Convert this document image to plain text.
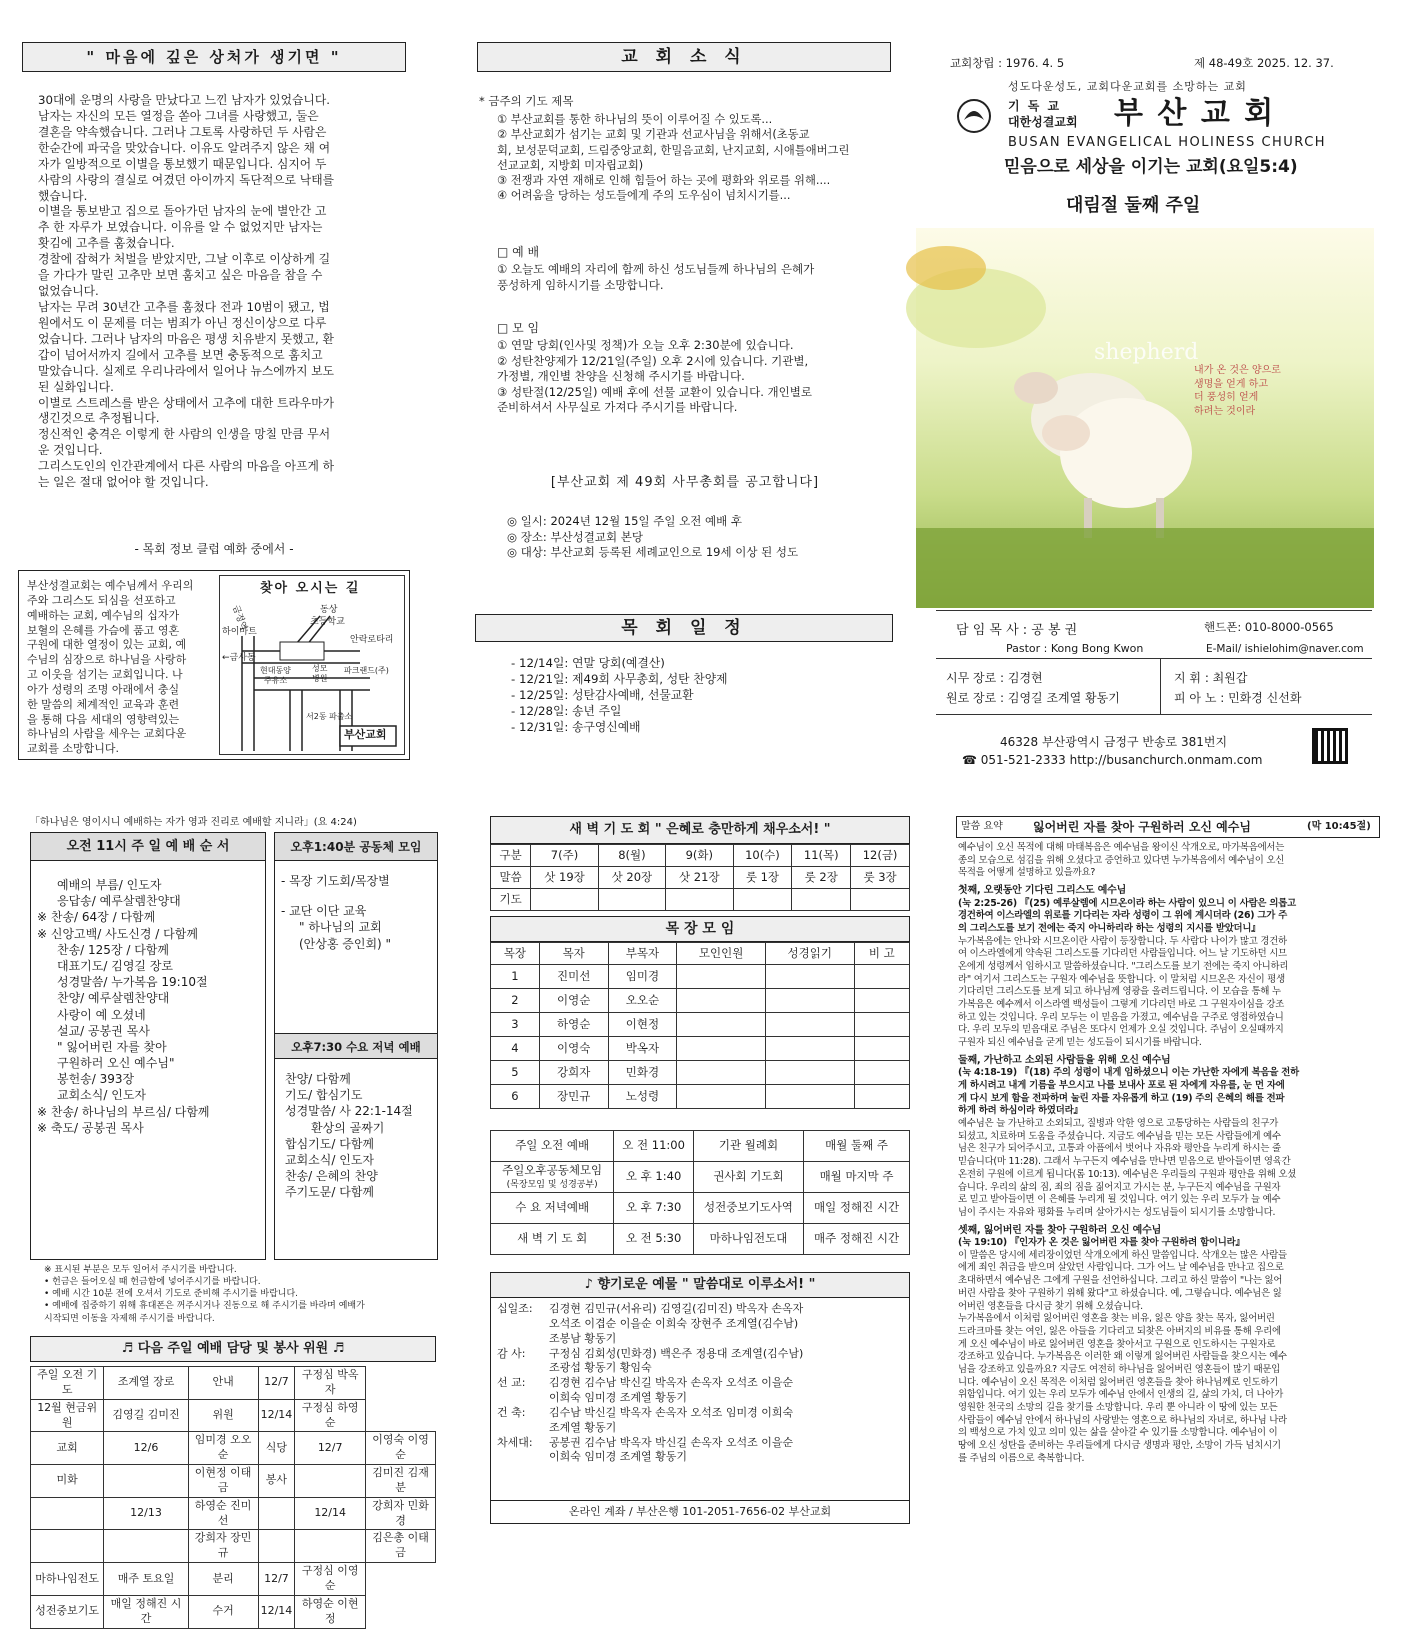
" 마음에 깊은 상처가 생기면 "
30대에 운명의 사랑을 만났다고 느낀 남자가 있었습니다.
남자는 자신의 모든 열정을 쏟아 그녀를 사랑했고, 둘은
결혼을 약속했습니다. 그러나 그토록 사랑하던 두 사람은
한순간에 파국을 맞았습니다. 이유도 알려주지 않은 채 여
자가 일방적으로 이별을 통보했기 때문입니다. 심지어 두
사람의 사랑의 결실로 여겼던 아이까지 독단적으로 낙태를
했습니다.
이별을 통보받고 집으로 돌아가던 남자의 눈에 별안간 고
추 한 자루가 보였습니다. 이유를 알 수 없었지만 남자는
홧김에 고추를 훔쳤습니다.
경찰에 잡혀가 처벌을 받았지만, 그날 이후로 이상하게 길
을 가다가 말린 고추만 보면 훔치고 싶은 마음을 참을 수
없었습니다.
남자는 무려 30년간 고추를 훔쳤다 전과 10범이 됐고, 법
원에서도 이 문제를 더는 범죄가 아닌 정신이상으로 다루
었습니다. 그러나 남자의 마음은 평생 치유받지 못했고, 환
갑이 넘어서까지 길에서 고추를 보면 충동적으로 훔치고
말았습니다. 실제로 우리나라에서 일어나 뉴스에까지 보도
된 실화입니다.
이별로 스트레스를 받은 상태에서 고추에 대한 트라우마가
생긴것으로 추정됩니다.
정신적인 충격은 이렇게 한 사람의 인생을 망칠 만큼 무서
운 것입니다.
그리스도인의 인간관계에서 다른 사람의 마음을 아프게 하
는 일은 절대 없어야 할 것입니다.
- 목회 정보 클럽 예화 중에서 -
부산성결교회는 예수님께서 우리의
주와 그리스도 되심을 선포하고
예배하는 교회, 예수님의 십자가
보혈의 은혜를 가슴에 품고 영혼
구원에 대한 열정이 있는 교회, 예
수님의 심장으로 하나님을 사랑하
고 이웃을 섬기는 교회입니다. 나
아가 성령의 조명 아래에서 충실
한 말씀의 체계적인 교육과 훈련
을 통해 다음 세대의 영향력있는
하나님의 사람을 세우는 교회다운
교회를 소망합니다.
찾아 오시는 길
금정역	동상
초등학교
하이마트
안락로타리
←금사동
현대동양
주유소
성모
병원
파크랜드(주)
부산교회
서2동 파출소
교 회 소 식
* 금주의 기도 제목
① 부산교회를 통한 하나님의 뜻이 이루어질 수 있도록...
② 부산교회가 섬기는 교회 및 기관과 선교사님을 위해서(초동교
회, 보성문덕교회, 드림중앙교회, 한밀음교회, 난지교회, 시애틀애버그린
선교교회, 지방회 미자립교회)
③ 전쟁과 자연 재해로 인해 힘들어 하는 곳에 평화와 위로를 위해....
④ 어려움을 당하는 성도들에게 주의 도우심이 넘치시기를...
□ 예 배
① 오늘도 예배의 자리에 함께 하신 성도님들께 하나님의 은혜가
풍성하게 임하시기를 소망합니다.
□ 모 임
① 연말 당회(인사및 정책)가 오늘 오후 2:30분에 있습니다.
② 성탄찬양제가 12/21일(주일) 오후 2시에 있습니다. 기관별,
가정별, 개인별 찬양을 신청해 주시기를 바랍니다.
③ 성탄절(12/25일) 예배 후에 선물 교환이 있습니다. 개인별로
준비하셔서 사무실로 가져다 주시기를 바랍니다.
[부산교회 제 49회 사무총회를 공고합니다]
◎ 일시: 2024년 12월 15일 주일 오전 예배 후
◎ 장소: 부산성결교회 본당
◎ 대상: 부산교회 등록된 세례교인으로 19세 이상 된 성도
목 회 일 정
- 12/14일: 연말 당회(예결산)
- 12/21일: 제49회 사무총회, 성탄 찬양제
- 12/25일: 성탄감사예배, 선물교환
- 12/28일: 송년 주일
- 12/31일: 송구영신예배
교회창립 : 1976. 4. 5	제 48-49호 2025. 12. 37.
성도다운성도, 교회다운교회를 소망하는 교회
기 독 교
대한성결교회 부 산 교 회
BUSAN EVANGELICAL HOLINESS CHURCH
믿음으로 세상을 이기는 교회(요일5:4)
대림절 둘째 주일
shepherd
내가 온 것은 양으로
생명을 얻게 하고
더 풍성히 얻게
하려는 것이라
담 임 목 사 : 공 봉 권
Pastor : Kong Bong Kwon
핸드폰: 010-8000-0565
E-Mail/ ishielohim@naver.com
시무 장로 : 김경현
원로 장로 : 김영길 조계열 황동기
지 휘 : 최원갑
피 아 노 : 민화경 신선화
46328 부산광역시 금정구 반송로 381번지
☎ 051-521-2333 http://busanchurch.onmam.com
「하나님은 영이시니 예배하는 자가 영과 진리로 예배할 지니라」(요 4:24)
오전 11시 주 일 예 배 순 서
예배의 부름/ 인도자
응답송/ 예루살렘찬양대
※ 찬송/ 64장 / 다함께
※ 신앙고백/ 사도신경 / 다함께
찬송/ 125장 / 다함께
대표기도/ 김영길 장로
성경말씀/ 누가복음 19:10절
찬양/ 예루살렘찬양대
사랑이 예 오셨네
설교/ 공봉권 목사
" 잃어버린 자를 찾아
구원하러 오신 예수님"
봉헌송/ 393장
교회소식/ 인도자
※ 찬송/ 하나님의 부르심/ 다함께
※ 축도/ 공봉권 목사
오후1:40분 공동체 모임
- 목장 기도회/목장별
- 교단 이단 교육
" 하나님의 교회
(안상홍 증인회) "
오후7:30 수요 저녁 예배
찬양/ 다함께
기도/ 합심기도
성경말씀/ 사 22:1-14절
환상의 골짜기
합심기도/ 다함께
교회소식/ 인도자
찬송/ 은혜의 찬양
주기도문/ 다함께
※ 표시된 부분은 모두 일어서 주시기를 바랍니다.
• 헌금은 들어오실 때 헌금함에 넣어주시기를 바랍니다.
• 예배 시간 10분 전에 오셔서 기도로 준비해 주시기를 바랍니다.
• 예배에 집중하기 위해 휴대폰은 꺼주시거나 진동으로 해 주시기를 바라며 예배가
시작되면 이동을 자제해 주시기를 바랍니다.
♬ 다음 주일 예배 담당 및 봉사 위원 ♬
주일 오전 기도	조계열 장로	안내	12/7	구정심 박옥자	
12월 현금위원	김영길 김미진	위원	12/14	구정심 하영순	
교회	12/6	임미경 오오순	식당	12/7	이영숙 이영순
미화		이현정 이태금	봉사		김미진 김재분
	12/13	하영순 진미선		12/14	강희자 민화경
		강희자 장민규			김은총 이태금
마하나임전도	매주 토요일	분리	12/7	구정심 이영순	
성전중보기도	매일 정해진 시간	수거	12/14	하영순 이현정	
새 벽 기 도 회 " 은혜로 충만하게 채우소서! "
구분	7(주)	8(월)	9(화)	10(수)	11(목)	12(금)
말씀	삿 19장	삿 20장	삿 21장	룻 1장	룻 2장	룻 3장
기도						
목 장 모 임
목장	목자	부목자	모인인원	성경읽기	비 고
1	진미선	임미경			
2	이영순	오오순			
3	하영순	이현정			
4	이영숙	박옥자			
5	강희자	민화경			
6	장민규	노성령			
주일 오전 예배	오 전 11:00	기관 월례회	매월 둘째 주
주일오후공동체모임
(목장모임 및 성경공부)	오 후 1:40	권사회 기도회	매월 마지막 주
수 요 저녁예배	오 후 7:30	성전중보기도사역	매일 정해진 시간
새 벽 기 도 회	오 전 5:30	마하나임전도대	매주 정해진 시간
♪ 향기로운 예물 " 말씀대로 이루소서! "
십일조:	김경현 김민규(서유리) 김영길(김미진) 박옥자 손옥자
오석조 이겹순 이을순 이희숙 장현주 조계열(김수남)
조봉남 황동기
감 사:	구정심 김회성(민화경) 백은주 정용대 조계열(김수남)
조광섭 황동기 황임숙
선 교:	김경현 김수남 박신길 박옥자 손옥자 오석조 이을순
이희숙 임미경 조계열 황동기
건 축:	김수남 박신길 박옥자 손옥자 오석조 임미경 이희숙
조계열 황동기
차세대:	공봉권 김수남 박옥자 박신길 손옥자 오석조 이을순
이희숙 임미경 조계열 황동기
온라인 계좌 / 부산은행 101-2051-7656-02 부산교회
말씀 요약	잃어버린 자를 찾아 구원하러 오신 예수님	(막 10:45절)
예수님이 오신 목적에 대해 마태복음은 예수님을 왕이신 삭개오로, 마가복음에서는
종의 모습으로 섬김을 위해 오셨다고 증언하고 있다면 누가복음에서 예수님이 오신
목적을 어떻게 설명하고 있을까요?
첫째, 오랫동안 기다린 그리스도 예수님
(눅 2:25-26) 『(25) 예루살렘에 시므온이라 하는 사람이 있으니 이 사람은 의롭고
경건하여 이스라엘의 위로를 기다리는 자라 성령이 그 위에 계시더라 (26) 그가 주
의 그리스도를 보기 전에는 죽지 아니하리라 하는 성령의 지시를 받았더니』
누가복음에는 안나와 시므온이란 사람이 등장합니다. 두 사람다 나이가 많고 경건하
여 이스라엘에게 약속된 그리스도를 기다리던 사람들입니다. 어느 날 기도하던 시므
온에게 성령께서 임하시고 말씀하셨습니다. "그리스도를 보기 전에는 죽지 아니하리
라" 여기서 그리스도는 구원자 예수님을 뜻합니다. 이 말처럼 시므온은 자신이 평생
기다리던 그리스도를 보게 되고 하나님께 영광을 올려드립니다. 이 모습을 통해 누
가복음은 예수께서 이스라엘 백성들이 그렇게 기다리던 바로 그 구원자이심을 강조
하고 있는 것입니다. 우리 모두는 이 믿음을 가졌고, 예수님을 구주로 영접하였습니
다. 우리 모두의 믿음대로 주님은 또다시 언제가 오실 것입니다. 주님이 오실때까지
구원자 되신 예수님을 굳게 믿는 성도들이 되시기를 바랍니다.
둘째, 가난하고 소외된 사람들을 위해 오신 예수님
(눅 4:18-19) 『(18) 주의 성령이 내게 임하셨으니 이는 가난한 자에게 복음을 전하
게 하시려고 내게 기름을 부으시고 나를 보내사 포로 된 자에게 자유를, 눈 먼 자에
게 다시 보게 함을 전파하며 눌린 자를 자유롭게 하고 (19) 주의 은혜의 해를 전파
하게 하려 하심이라 하였더라』
예수님은 늘 가난하고 소외되고, 질병과 악한 영으로 고통당하는 사람들의 친구가
되셨고, 치료하며 도움을 주셨습니다. 지금도 예수님을 믿는 모든 사람들에게 예수
님은 친구가 되어주시고, 고통과 아픔에서 벗어나 자유와 평안을 누리게 하시는 줄
믿습니다(마 11:28). 그래서 누구든지 예수님을 만나면 믿음으로 받아들이면 영육간
온전히 구원에 이르게 됩니다(롬 10:13). 예수님은 우리들의 구원과 평안을 위해 오셨
습니다. 우리의 삶의 짐, 죄의 짐을 짊어지고 가시는 분, 누구든지 예수님을 구원자
로 믿고 받아들이면 이 은혜를 누리게 될 것입니다. 여기 있는 우리 모두가 늘 예수
님이 주시는 자유와 평화를 누리며 살아가시는 성도님들이 되시기를 소망합니다.
셋째, 잃어버린 자를 찾아 구원하러 오신 예수님
(눅 19:10) 『인자가 온 것은 잃어버린 자를 찾아 구원하려 함이니라』
이 말씀은 당시에 세리장이었던 삭개오에게 하신 말씀입니다. 삭개오는 많은 사람들
에게 죄인 취급을 받으며 살았던 사람입니다. 그가 어느 날 예수님을 만나고 집으로
초대하면서 예수님은 그에게 구원을 선언하십니다. 그리고 하신 말씀이 "나는 잃어
버린 사람을 찾아 구원하기 위해 왔다"고 하셨습니다. 예, 그렇습니다. 예수님은 잃
어버린 영혼들을 다시금 찾기 위해 오셨습니다.
누가복음에서 이처럼 잃어버린 영혼을 찾는 비유, 잃은 양을 찾는 목자, 잃어버린
드라크마를 찾는 여인, 잃은 아들을 기다리고 되찾은 아버지의 비유를 통해 우리에
게 오신 예수님이 바로 잃어버린 영혼을 찾아서고 구원으로 인도하시는 구원자로
강조하고 있습니다. 누가복음은 이러한 왜 이렇게 잃어버린 사람들을 찾으시는 예수
님을 강조하고 있을까요? 지금도 여전히 하나님을 잃어버린 영혼들이 많기 때문입
니다. 예수님이 오신 목적은 이처럼 잃어버린 영혼들을 찾아 하나님께로 인도하기
위함입니다. 여기 있는 우리 모두가 예수님 안에서 인생의 길, 삶의 가치, 더 나아가
영원한 천국의 소망의 길을 찾기를 소망합니다. 우리 뿐 아니라 이 땅에 있는 모든
사람들이 예수님 안에서 하나님의 사랑받는 영혼으로 하나님의 자녀로, 하나님 나라
의 백성으로 가치 있고 의미 있는 삶을 살아갈 수 있기를 소망합니다. 예수님이 이
땅에 오신 성탄을 준비하는 우리들에게 다시금 생명과 평안, 소망이 가득 넘치시기
를 주님의 이름으로 축복합니다.
